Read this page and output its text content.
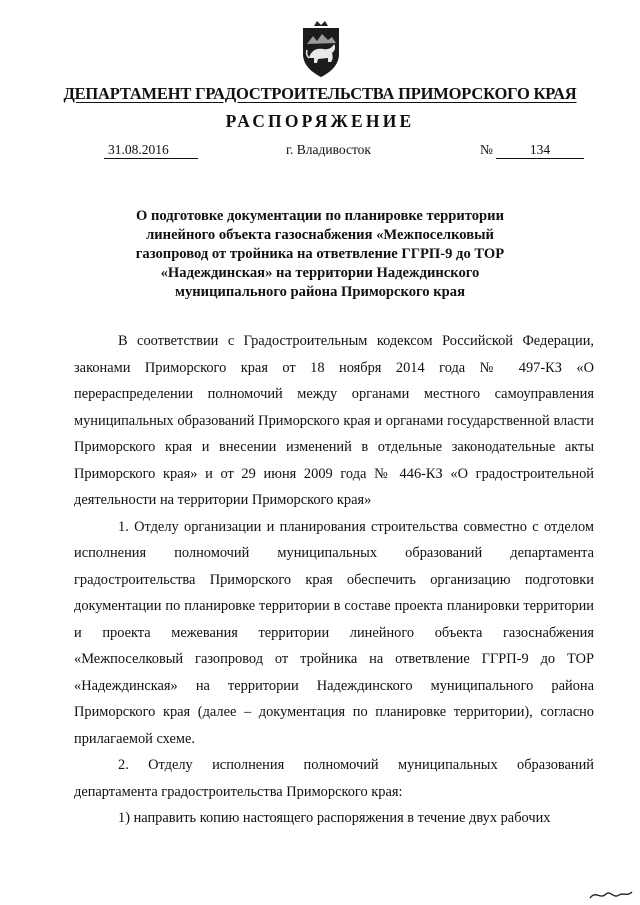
ДЕПАРТАМЕНТ ГРАДОСТРОИТЕЛЬСТВА ПРИМОРСКОГО КРАЯ
РАСПОРЯЖЕНИЕ
31.08.2016	г. Владивосток	№	134
О подготовке документации по планировке территории линейного объекта газоснабжения «Межпоселковый газопровод от тройника на ответвление ГГРП-9 до ТОР «Надеждинская» на территории Надеждинского муниципального района Приморского края

В соответствии с Градостроительным кодексом Российской Федерации, законами Приморского края от 18 ноября 2014 года № 497-КЗ «О перераспределении полномочий между органами местного самоуправления муниципальных образований Приморского края и органами государственной власти Приморского края и внесении изменений в отдельные законодательные акты Приморского края» и от 29 июня 2009 года № 446-КЗ «О градостроительной деятельности на территории Приморского края»

1. Отделу организации и планирования строительства совместно с отделом исполнения полномочий муниципальных образований департамента градостроительства Приморского края обеспечить организацию подготовки документации по планировке территории в составе проекта планировки территории и проекта межевания территории линейного объекта газоснабжения «Межпоселковый газопровод от тройника на ответвление ГГРП-9 до ТОР «Надеждинская» на территории Надеждинского муниципального района Приморского края (далее – документация по планировке территории), согласно прилагаемой схеме.

2. Отделу исполнения полномочий муниципальных образований департамента градостроительства Приморского края:

1) направить копию настоящего распоряжения в течение двух рабочих
